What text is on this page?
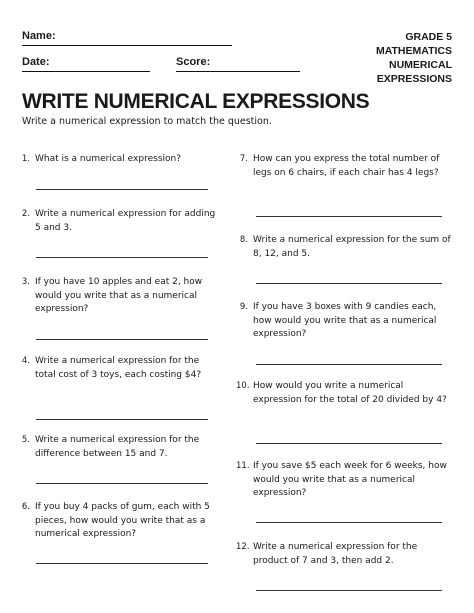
Name:
Date:	Score:
GRADE 5
MATHEMATICS
NUMERICAL
EXPRESSIONS
WRITE NUMERICAL EXPRESSIONS
Write a numerical expression to match the question.
1. What is a numerical expression?
2. Write a numerical expression for adding 5 and 3.
3. If you have 10 apples and eat 2, how would you write that as a numerical expression?
4. Write a numerical expression for the total cost of 3 toys, each costing $4?
5. Write a numerical expression for the difference between 15 and 7.
6. If you buy 4 packs of gum, each with 5 pieces, how would you write that as a numerical expression?
7. How can you express the total number of legs on 6 chairs, if each chair has 4 legs?
8. Write a numerical expression for the sum of 8, 12, and 5.
9. If you have 3 boxes with 9 candies each, how would you write that as a numerical expression?
10. How would you write a numerical expression for the total of 20 divided by 4?
11. If you save $5 each week for 6 weeks, how would you write that as a numerical expression?
12. Write a numerical expression for the product of 7 and 3, then add 2.
